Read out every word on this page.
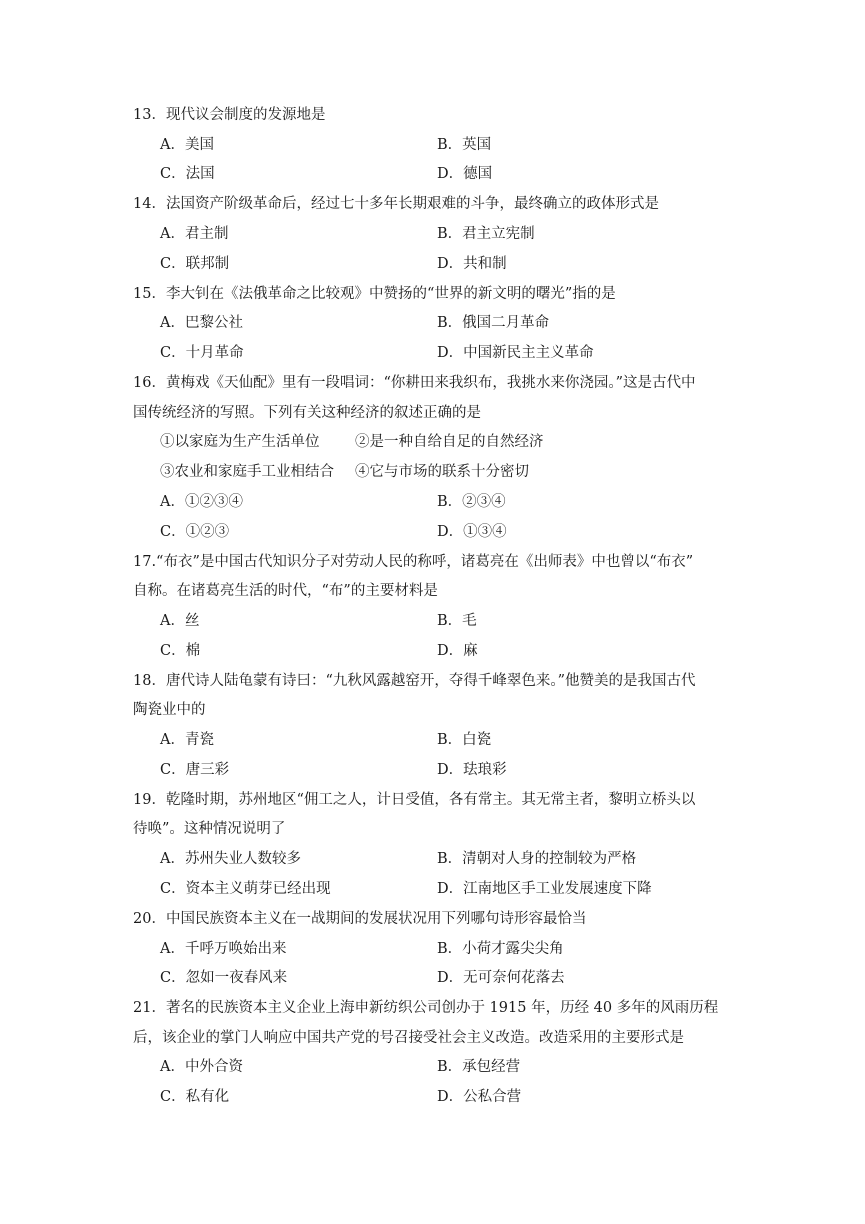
13．现代议会制度的发源地是
A．美国	B．英国
C．法国	D．德国
14．法国资产阶级革命后，经过七十多年长期艰难的斗争，最终确立的政体形式是
A．君主制	B．君主立宪制
C．联邦制	D．共和制
15．李大钊在《法俄革命之比较观》中赞扬的“世界的新文明的曙光”指的是
A．巴黎公社	B．俄国二月革命
C．十月革命	D．中国新民主主义革命
16．黄梅戏《天仙配》里有一段唱词：“你耕田来我织布，我挑水来你浇园。”这是古代中
国传统经济的写照。下列有关这种经济的叙述正确的是
①以家庭为生产生活单位 ②是一种自给自足的自然经济
③农业和家庭手工业相结合 ④它与市场的联系十分密切
A．①②③④	B．②③④
C．①②③	D．①③④
17.“布衣”是中国古代知识分子对劳动人民的称呼，诸葛亮在《出师表》中也曾以“布衣”
自称。在诸葛亮生活的时代，“布”的主要材料是
A．丝	B．毛
C．棉	D．麻
18．唐代诗人陆龟蒙有诗曰：“九秋风露越窑开，夺得千峰翠色来。”他赞美的是我国古代
陶瓷业中的
A．青瓷	B．白瓷
C．唐三彩	D．珐琅彩
19．乾隆时期，苏州地区“佣工之人，计日受值，各有常主。其无常主者，黎明立桥头以
待唤”。这种情况说明了
A．苏州失业人数较多	B．清朝对人身的控制较为严格
C．资本主义萌芽已经出现	D．江南地区手工业发展速度下降
20．中国民族资本主义在一战期间的发展状况用下列哪句诗形容最恰当
A．千呼万唤始出来	B．小荷才露尖尖角
C．忽如一夜春风来	D．无可奈何花落去
21．著名的民族资本主义企业上海申新纺织公司创办于 1915 年，历经 40 多年的风雨历程
后，该企业的掌门人响应中国共产党的号召接受社会主义改造。改造采用的主要形式是
A．中外合资	B．承包经营
C．私有化	D．公私合营
